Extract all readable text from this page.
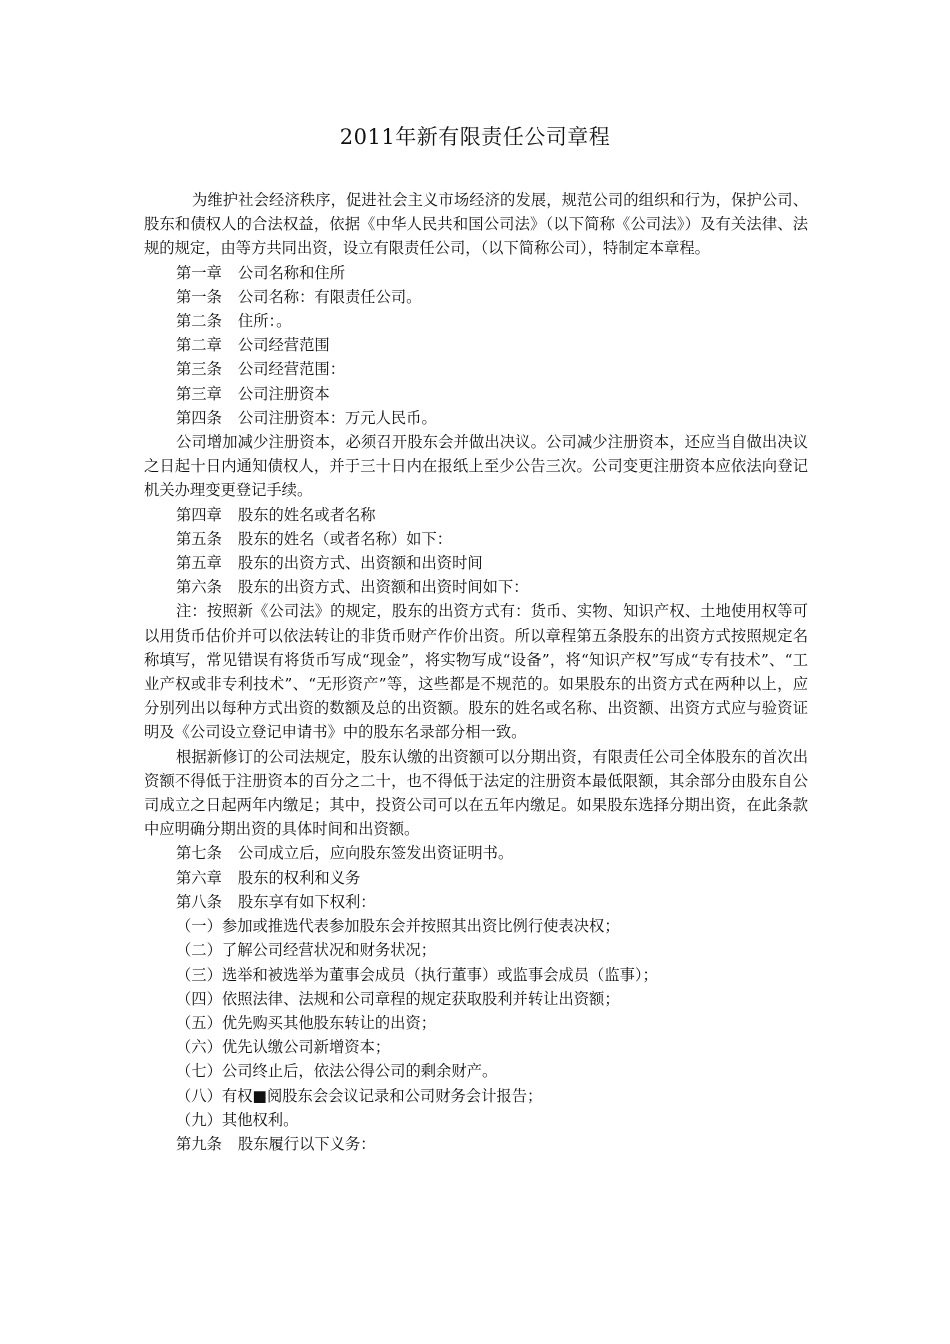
2011年新有限责任公司章程

为维护社会经济秩序，促进社会主义市场经济的发展，规范公司的组织和行为，保护公司、股东和债权人的合法权益，依据《中华人民共和国公司法》（以下简称《公司法》）及有关法律、法规的规定，由等方共同出资，设立有限责任公司，（以下简称公司），特制定本章程。

第一章 公司名称和住所

第一条 公司名称：有限责任公司。

第二条 住所：。

第二章 公司经营范围

第三条 公司经营范围：

第三章 公司注册资本

第四条 公司注册资本：万元人民币。

公司增加减少注册资本，必须召开股东会并做出决议。公司减少注册资本，还应当自做出决议之日起十日内通知债权人，并于三十日内在报纸上至少公告三次。公司变更注册资本应依法向登记机关办理变更登记手续。

第四章 股东的姓名或者名称

第五条 股东的姓名（或者名称）如下：

第五章 股东的出资方式、出资额和出资时间

第六条 股东的出资方式、出资额和出资时间如下：

注：按照新《公司法》的规定，股东的出资方式有：货币、实物、知识产权、土地使用权等可以用货币估价并可以依法转让的非货币财产作价出资。所以章程第五条股东的出资方式按照规定名称填写，常见错误有将货币写成“现金”，将实物写成“设备”，将“知识产权”写成“专有技术”、“工业产权或非专利技术”、“无形资产”等，这些都是不规范的。如果股东的出资方式在两种以上，应分别列出以每种方式出资的数额及总的出资额。股东的姓名或名称、出资额、出资方式应与验资证明及《公司设立登记申请书》中的股东名录部分相一致。

根据新修订的公司法规定，股东认缴的出资额可以分期出资，有限责任公司全体股东的首次出资额不得低于注册资本的百分之二十，也不得低于法定的注册资本最低限额，其余部分由股东自公司成立之日起两年内缴足；其中，投资公司可以在五年内缴足。如果股东选择分期出资，在此条款中应明确分期出资的具体时间和出资额。

第七条 公司成立后，应向股东签发出资证明书。

第六章 股东的权利和义务

第八条 股东享有如下权利：

（一）参加或推选代表参加股东会并按照其出资比例行使表决权；

（二）了解公司经营状况和财务状况；

（三）选举和被选举为董事会成员（执行董事）或监事会成员（监事）；

（四）依照法律、法规和公司章程的规定获取股利并转让出资额；

（五）优先购买其他股东转让的出资；

（六）优先认缴公司新增资本；

（七）公司终止后，依法公得公司的剩余财产。

（八）有权■阅股东会会议记录和公司财务会计报告；

（九）其他权利。

第九条 股东履行以下义务：
